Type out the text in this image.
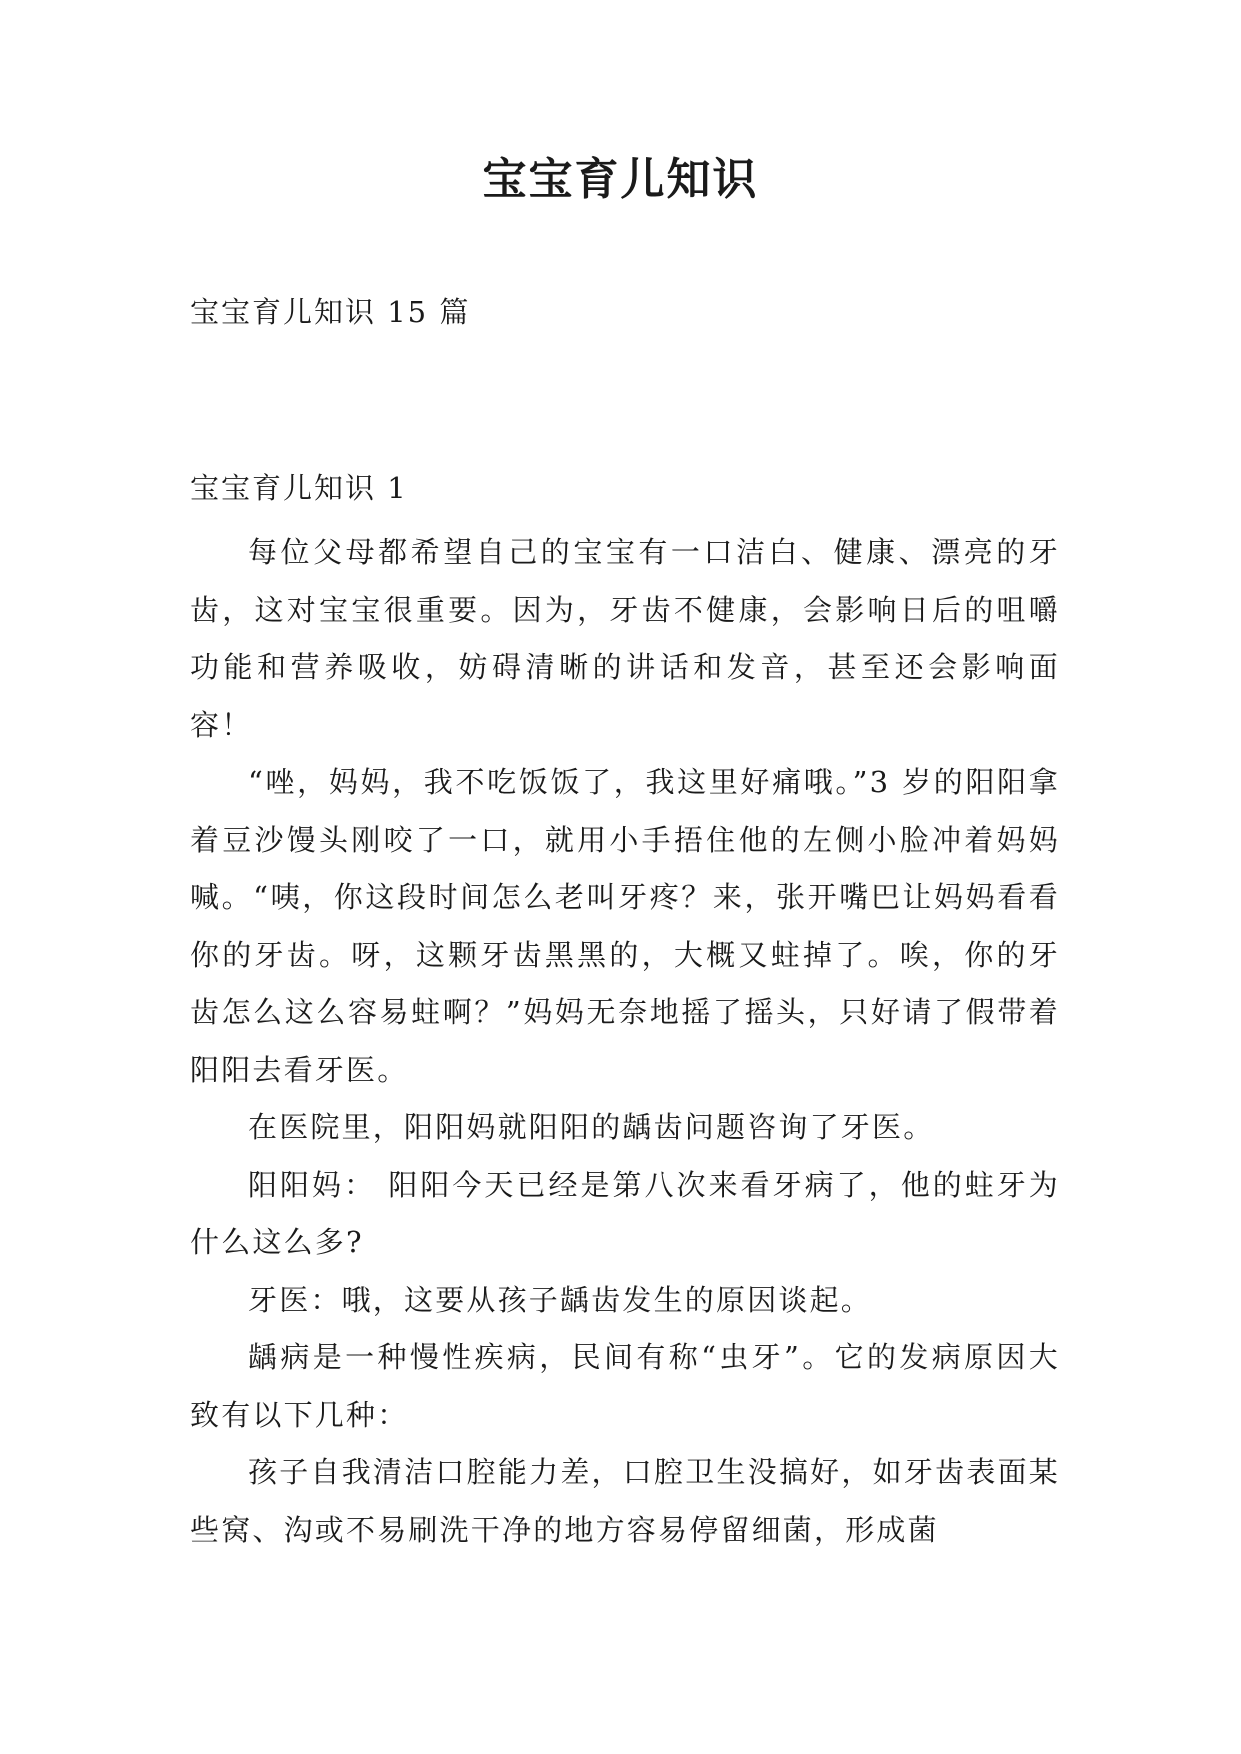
宝宝育儿知识
宝宝育儿知识 15 篇
宝宝育儿知识 1

每位父母都希望自己的宝宝有一口洁白、健康、漂亮的牙齿，这对宝宝很重要。因为，牙齿不健康，会影响日后的咀嚼功能和营养吸收，妨碍清晰的讲话和发音，甚至还会影响面容！

“唑，妈妈，我不吃饭饭了，我这里好痛哦。”3 岁的阳阳拿着豆沙馒头刚咬了一口，就用小手捂住他的左侧小脸冲着妈妈喊。“咦，你这段时间怎么老叫牙疼？来，张开嘴巴让妈妈看看你的牙齿。呀，这颗牙齿黑黑的，大概又蛀掉了。唉，你的牙齿怎么这么容易蛀啊？”妈妈无奈地摇了摇头，只好请了假带着阳阳去看牙医。

在医院里，阳阳妈就阳阳的龋齿问题咨询了牙医。

阳阳妈： 阳阳今天已经是第八次来看牙病了，他的蛀牙为什么这么多?

牙医：哦，这要从孩子龋齿发生的原因谈起。

龋病是一种慢性疾病，民间有称“虫牙”。它的发病原因大致有以下几种：

孩子自我清洁口腔能力差，口腔卫生没搞好，如牙齿表面某些窝、沟或不易刷洗干净的地方容易停留细菌，形成菌
